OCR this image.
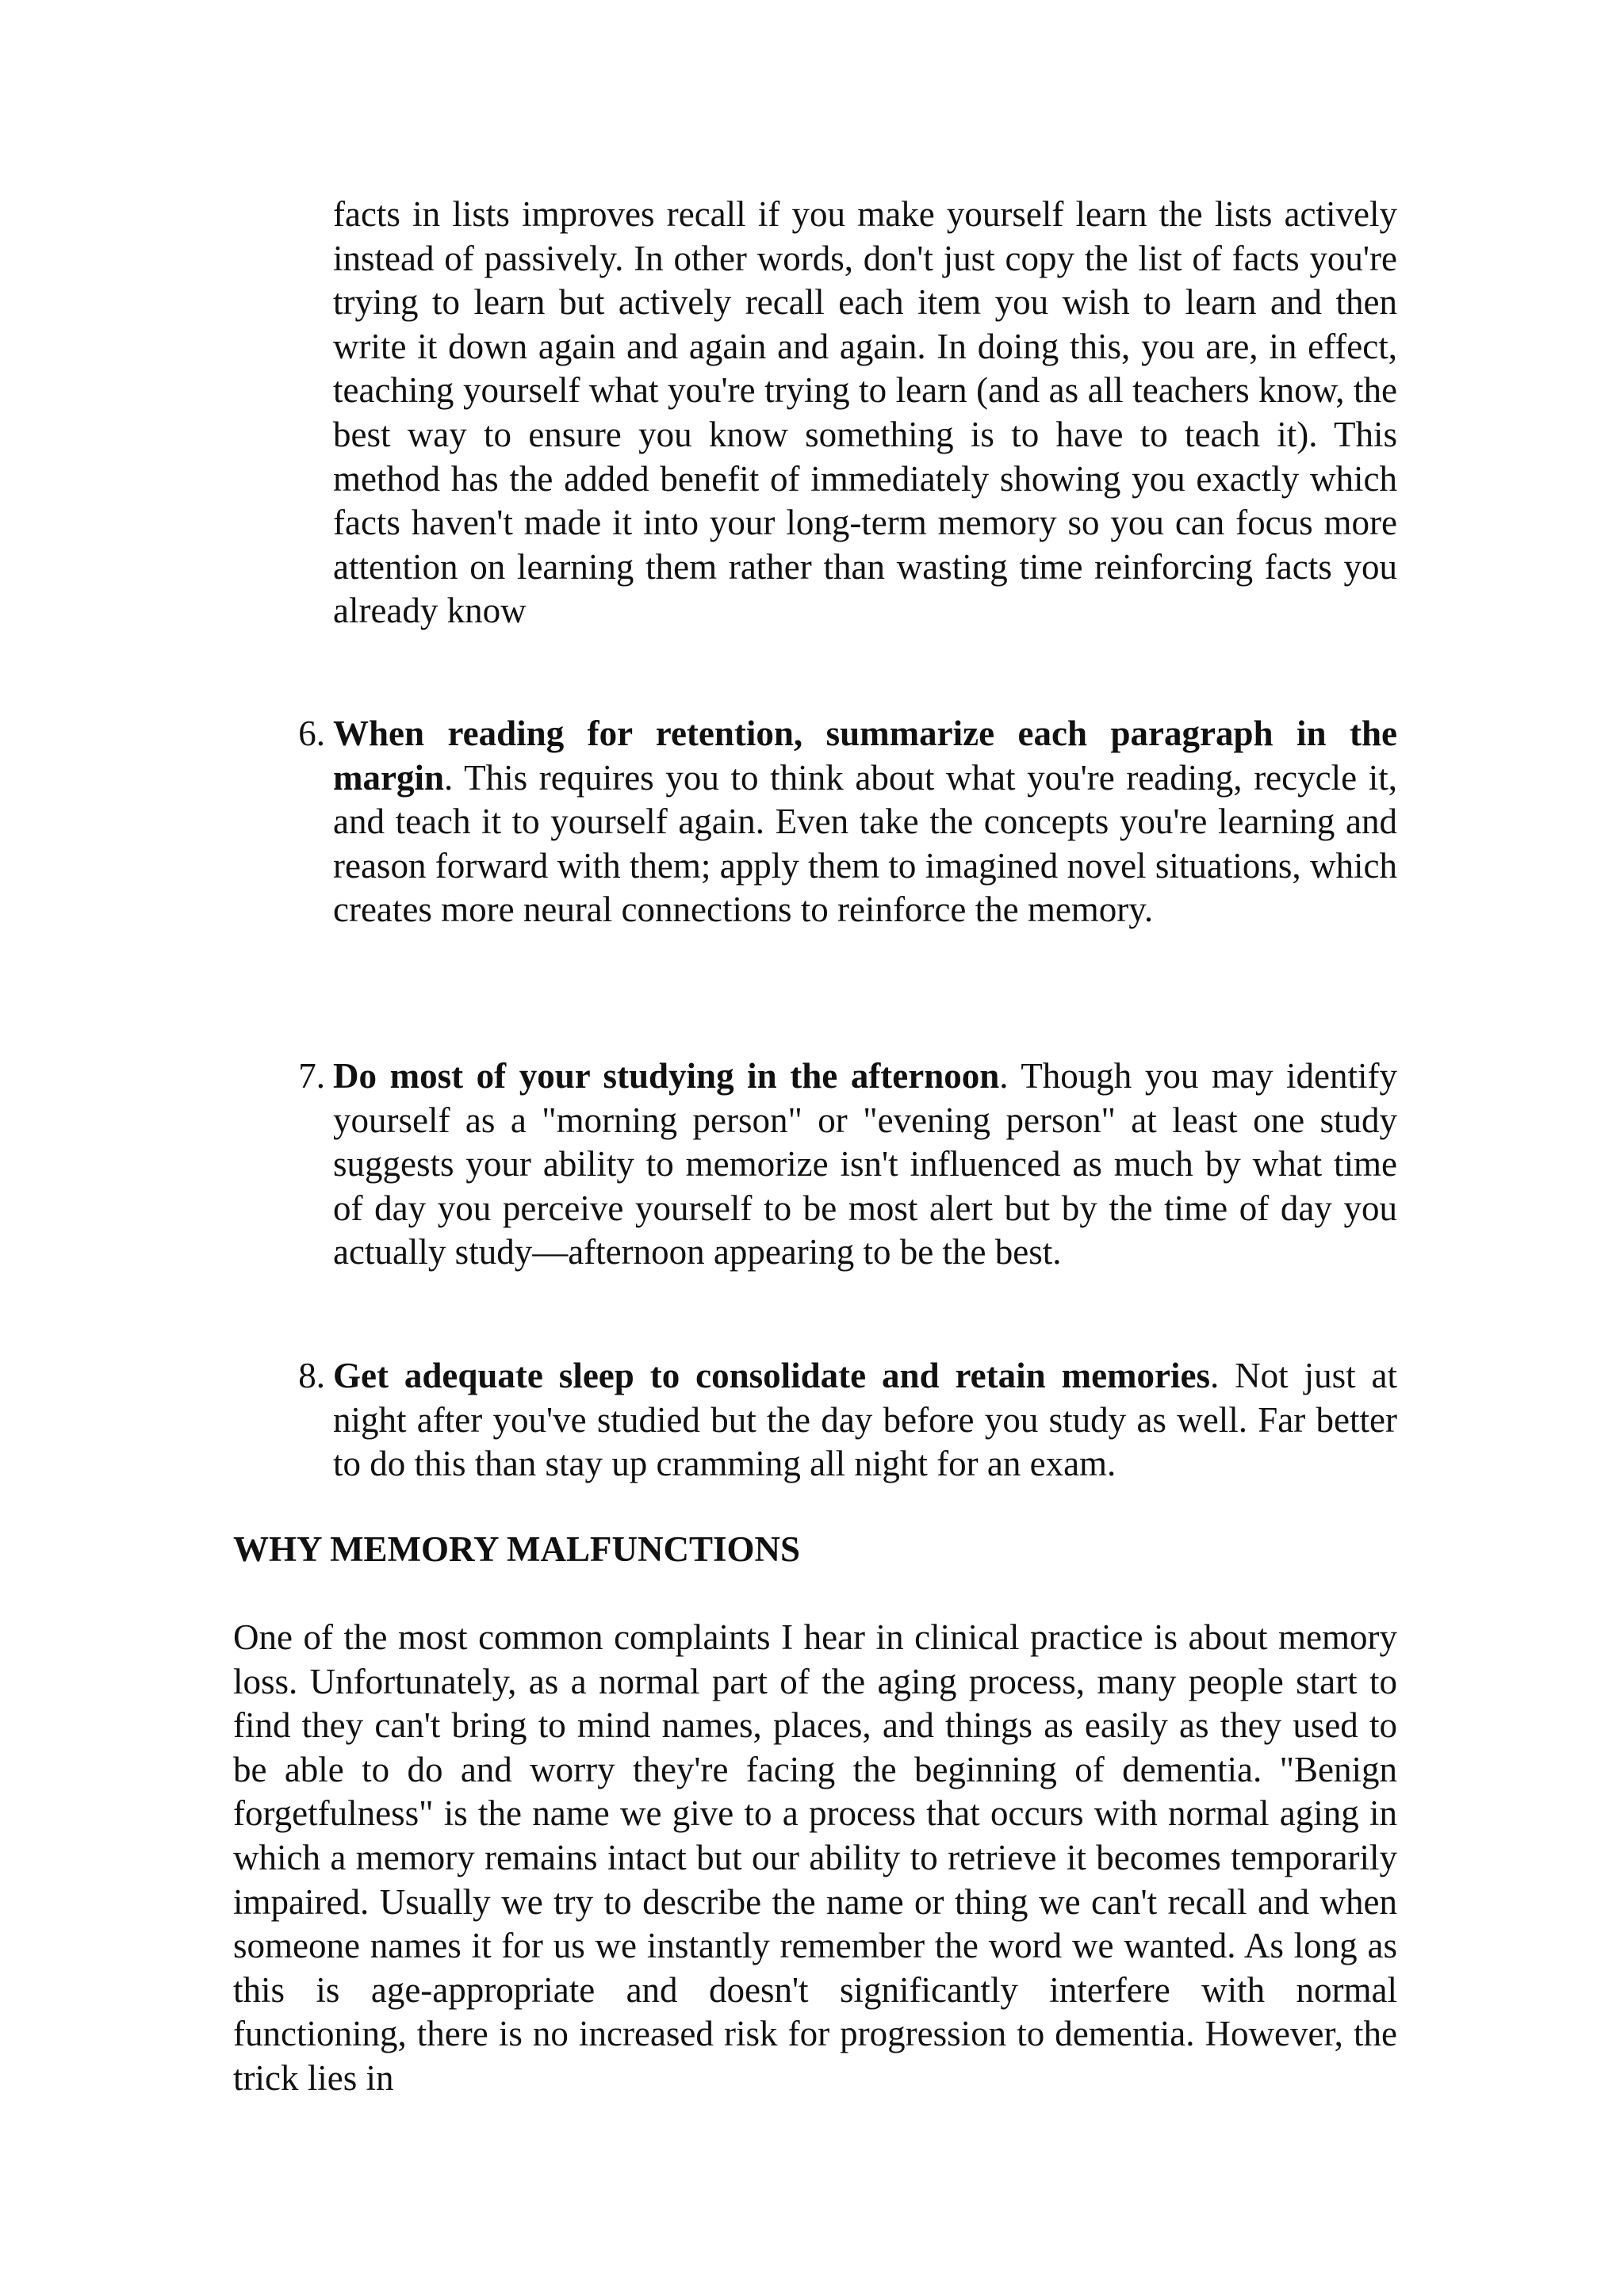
facts in lists improves recall if you make yourself learn the lists actively instead of passively. In other words, don't just copy the list of facts you're trying to learn but actively recall each item you wish to learn and then write it down again and again and again. In doing this, you are, in effect, teaching yourself what you're trying to learn (and as all teachers know, the best way to ensure you know something is to have to teach it). This method has the added benefit of immediately showing you exactly which facts haven't made it into your long-term memory so you can focus more attention on learning them rather than wasting time reinforcing facts you already know

6. When reading for retention, summarize each paragraph in the margin. This requires you to think about what you're reading, recycle it, and teach it to yourself again. Even take the concepts you're learning and reason forward with them; apply them to imagined novel situations, which creates more neural connections to reinforce the memory.

7. Do most of your studying in the afternoon. Though you may identify yourself as a "morning person" or "evening person" at least one study suggests your ability to memorize isn't influenced as much by what time of day you perceive yourself to be most alert but by the time of day you actually study—afternoon appearing to be the best.

8. Get adequate sleep to consolidate and retain memories. Not just at night after you've studied but the day before you study as well. Far better to do this than stay up cramming all night for an exam.

WHY MEMORY MALFUNCTIONS

One of the most common complaints I hear in clinical practice is about memory loss. Unfortunately, as a normal part of the aging process, many people start to find they can't bring to mind names, places, and things as easily as they used to be able to do and worry they're facing the beginning of dementia. "Benign forgetfulness" is the name we give to a process that occurs with normal aging in which a memory remains intact but our ability to retrieve it becomes temporarily impaired. Usually we try to describe the name or thing we can't recall and when someone names it for us we instantly remember the word we wanted. As long as this is age-appropriate and doesn't significantly interfere with normal functioning, there is no increased risk for progression to dementia. However, the trick lies in
